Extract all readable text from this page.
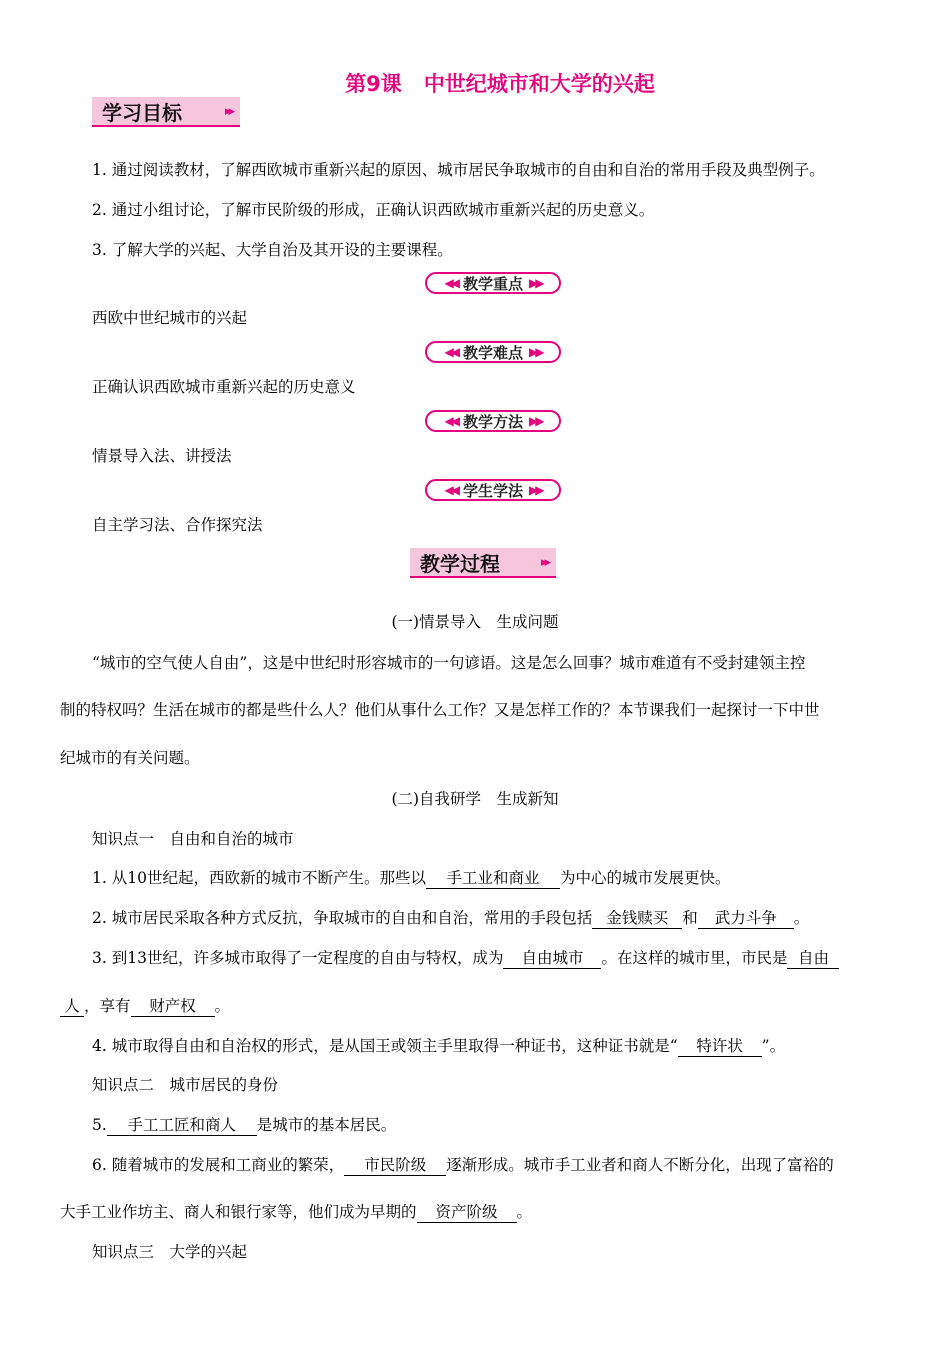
第9课 中世纪城市和大学的兴起
学习目标	▸▸
1. 通过阅读教材，了解西欧城市重新兴起的原因、城市居民争取城市的自由和自治的常用手段及典型例子。
2. 通过小组讨论，了解市民阶级的形成，正确认识西欧城市重新兴起的历史意义。
3. 了解大学的兴起、大学自治及其开设的主要课程。
◀◀ 教学重点 ▶▶
西欧中世纪城市的兴起
◀◀ 教学难点 ▶▶
正确认识西欧城市重新兴起的历史意义
◀◀ 教学方法 ▶▶
情景导入法、讲授法
◀◀ 学生学法 ▶▶
自主学习法、合作探究法
教学过程	▸▸
(一)情景导入　生成问题
“城市的空气使人自由”，这是中世纪时形容城市的一句谚语。这是怎么回事？城市难道有不受封建领主控
制的特权吗？生活在城市的都是些什么人？他们从事什么工作？又是怎样工作的？本节课我们一起探讨一下中世
纪城市的有关问题。
(二)自我研学　生成新知
知识点一　自由和自治的城市
1. 从10世纪起，西欧新的城市不断产生。那些以 手工业和商业 为中心的城市发展更快。
2. 城市居民采取各种方式反抗，争取城市的自由和自治，常用的手段包括 金钱赎买 和 武力斗争 。
3. 到13世纪，许多城市取得了一定程度的自由与特权，成为 自由城市 。在这样的城市里，市民是 自由
人 ，享有 财产权 。
4. 城市取得自由和自治权的形式，是从国王或领主手里取得一种证书，这种证书就是“ 特许状 ”。
知识点二　城市居民的身份
5. 手工工匠和商人 是城市的基本居民。
6. 随着城市的发展和工商业的繁荣， 市民阶级 逐渐形成。城市手工业者和商人不断分化，出现了富裕的
大手工业作坊主、商人和银行家等，他们成为早期的 资产阶级 。
知识点三　大学的兴起
